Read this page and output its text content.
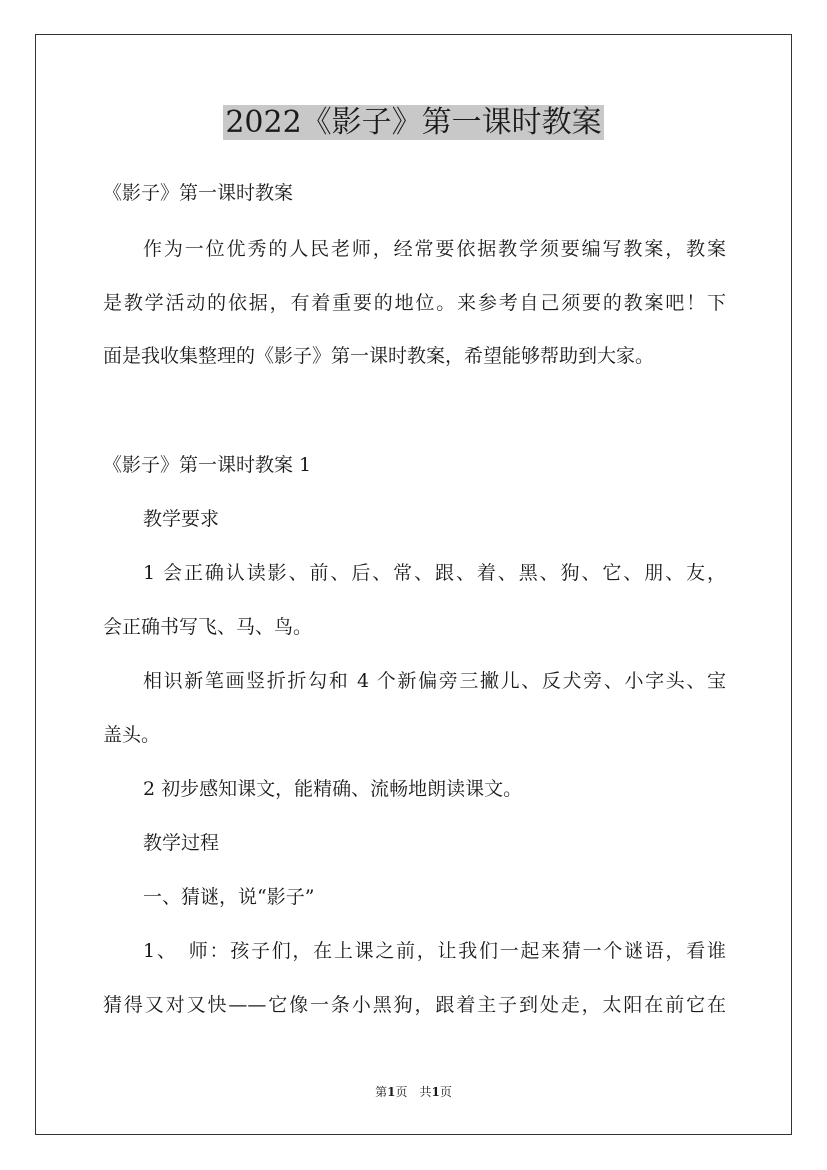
2022《影子》第一课时教案
《影子》第一课时教案
作为一位优秀的人民老师，经常要依据教学须要编写教案，教案
是教学活动的依据，有着重要的地位。来参考自己须要的教案吧！下
面是我收集整理的《影子》第一课时教案，希望能够帮助到大家。
《影子》第一课时教案 1
教学要求
1 会正确认读影、前、后、常、跟、着、黑、狗、它、朋、友，
会正确书写飞、马、鸟。
相识新笔画竖折折勾和 4 个新偏旁三撇儿、反犬旁、小字头、宝
盖头。
2 初步感知课文，能精确、流畅地朗读课文。
教学过程
一、猜谜，说“影子”
1、　师：孩子们，在上课之前，让我们一起来猜一个谜语，看谁
猜得又对又快——它像一条小黑狗，跟着主子到处走，太阳在前它在
第1页　共1页
